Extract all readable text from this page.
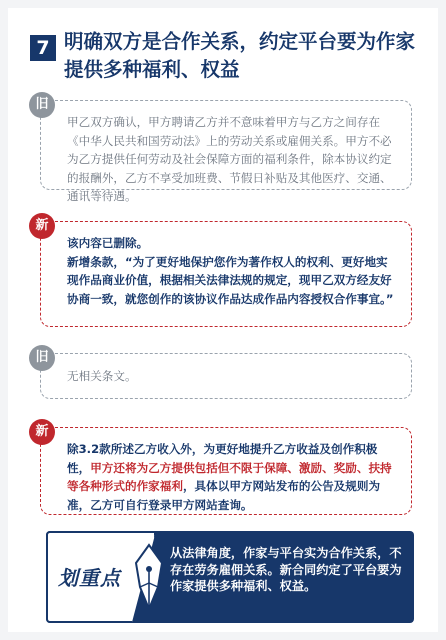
7 明确双方是合作关系，约定平台要为作家提供多种福利、权益
旧

甲乙双方确认，甲方聘请乙方并不意味着甲方与乙方之间存在《中华人民共和国劳动法》上的劳动关系或雇佣关系。甲方不必为乙方提供任何劳动及社会保障方面的福利条件，除本协议约定的报酬外，乙方不享受加班费、节假日补贴及其他医疗、交通、通讯等待遇。

新

该内容已删除。

新增条款，“为了更好地保护您作为著作权人的权利、更好地实现作品商业价值，根据相关法律法规的规定，现甲乙双方经友好协商一致，就您创作的该协议作品达成作品内容授权合作事宜。”

旧

无相关条文。

新

除3.2款所述乙方收入外，为更好地提升乙方收益及创作积极性，甲方还将为乙方提供包括但不限于保障、激励、奖励、扶持等各种形式的作家福利，具体以甲方网站发布的公告及规则为准，乙方可自行登录甲方网站查询。

划重点
从法律角度，作家与平台实为合作关系，不存在劳务雇佣关系。新合同约定了平台要为作家提供多种福利、权益。
